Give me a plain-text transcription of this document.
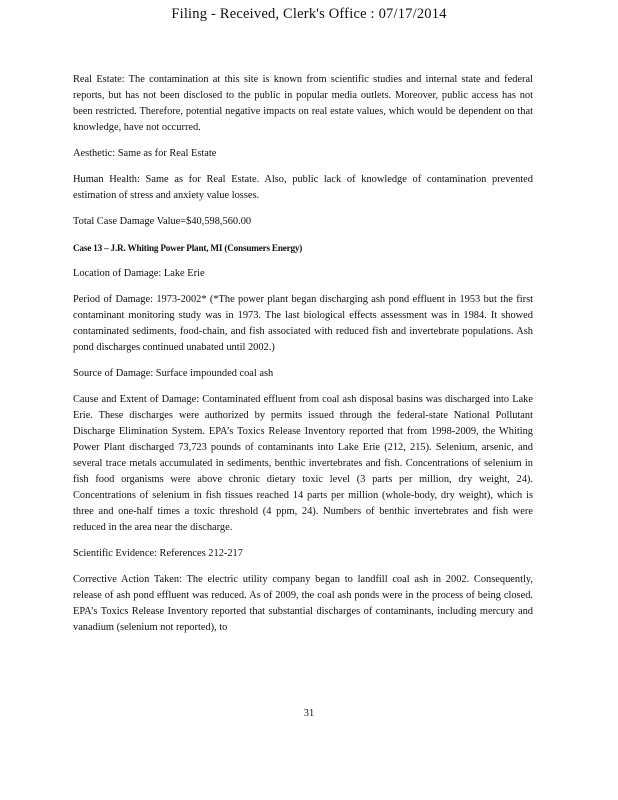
Filing - Received, Clerk's Office : 07/17/2014

Real Estate: The contamination at this site is known from scientific studies and internal state and federal reports, but has not been disclosed to the public in popular media outlets. Moreover, public access has not been restricted. Therefore, potential negative impacts on real estate values, which would be dependent on that knowledge, have not occurred.

Aesthetic: Same as for Real Estate

Human Health: Same as for Real Estate. Also, public lack of knowledge of contamination prevented estimation of stress and anxiety value losses.

Total Case Damage Value=$40,598,560.00

Case 13 – J.R. Whiting Power Plant, MI (Consumers Energy)

Location of Damage: Lake Erie

Period of Damage: 1973-2002* (*The power plant began discharging ash pond effluent in 1953 but the first contaminant monitoring study was in 1973. The last biological effects assessment was in 1984. It showed contaminated sediments, food-chain, and fish associated with reduced fish and invertebrate populations. Ash pond discharges continued unabated until 2002.)

Source of Damage: Surface impounded coal ash

Cause and Extent of Damage: Contaminated effluent from coal ash disposal basins was discharged into Lake Erie. These discharges were authorized by permits issued through the federal-state National Pollutant Discharge Elimination System. EPA’s Toxics Release Inventory reported that from 1998-2009, the Whiting Power Plant discharged 73,723 pounds of contaminants into Lake Erie (212, 215). Selenium, arsenic, and several trace metals accumulated in sediments, benthic invertebrates and fish. Concentrations of selenium in fish food organisms were above chronic dietary toxic level (3 parts per million, dry weight, 24). Concentrations of selenium in fish tissues reached 14 parts per million (whole-body, dry weight), which is three and one-half times a toxic threshold (4 ppm, 24). Numbers of benthic invertebrates and fish were reduced in the area near the discharge.

Scientific Evidence: References 212-217

Corrective Action Taken: The electric utility company began to landfill coal ash in 2002. Consequently, release of ash pond effluent was reduced. As of 2009, the coal ash ponds were in the process of being closed. EPA’s Toxics Release Inventory reported that substantial discharges of contaminants, including mercury and vanadium (selenium not reported), to

31
